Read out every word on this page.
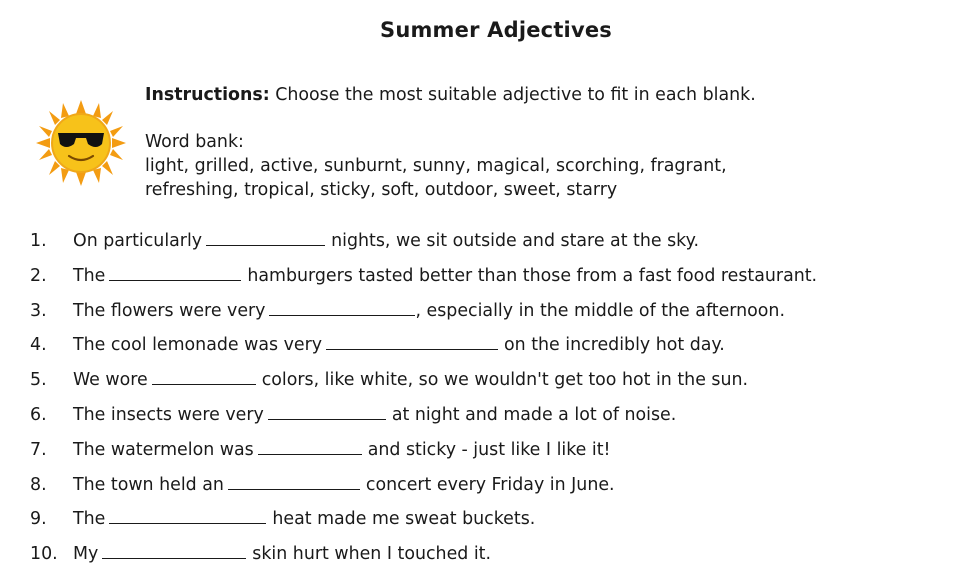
Summer Adjectives
Instructions: Choose the most suitable adjective to fit in each blank.
Word bank:
light, grilled, active, sunburnt, sunny, magical, scorching, fragrant,
refreshing, tropical, sticky, soft, outdoor, sweet, starry
1.	On particularly	nights, we sit outside and stare at the sky.
2.	The	hamburgers tasted better than those from a fast food restaurant.
3.	The flowers were very	, especially in the middle of the afternoon.
4.	The cool lemonade was very	on the incredibly hot day.
5.	We wore	colors, like white, so we wouldn't get too hot in the sun.
6.	The insects were very	at night and made a lot of noise.
7.	The watermelon was	and sticky - just like I like it!
8.	The town held an	concert every Friday in June.
9.	The	heat made me sweat buckets.
10. My	skin hurt when I touched it.
